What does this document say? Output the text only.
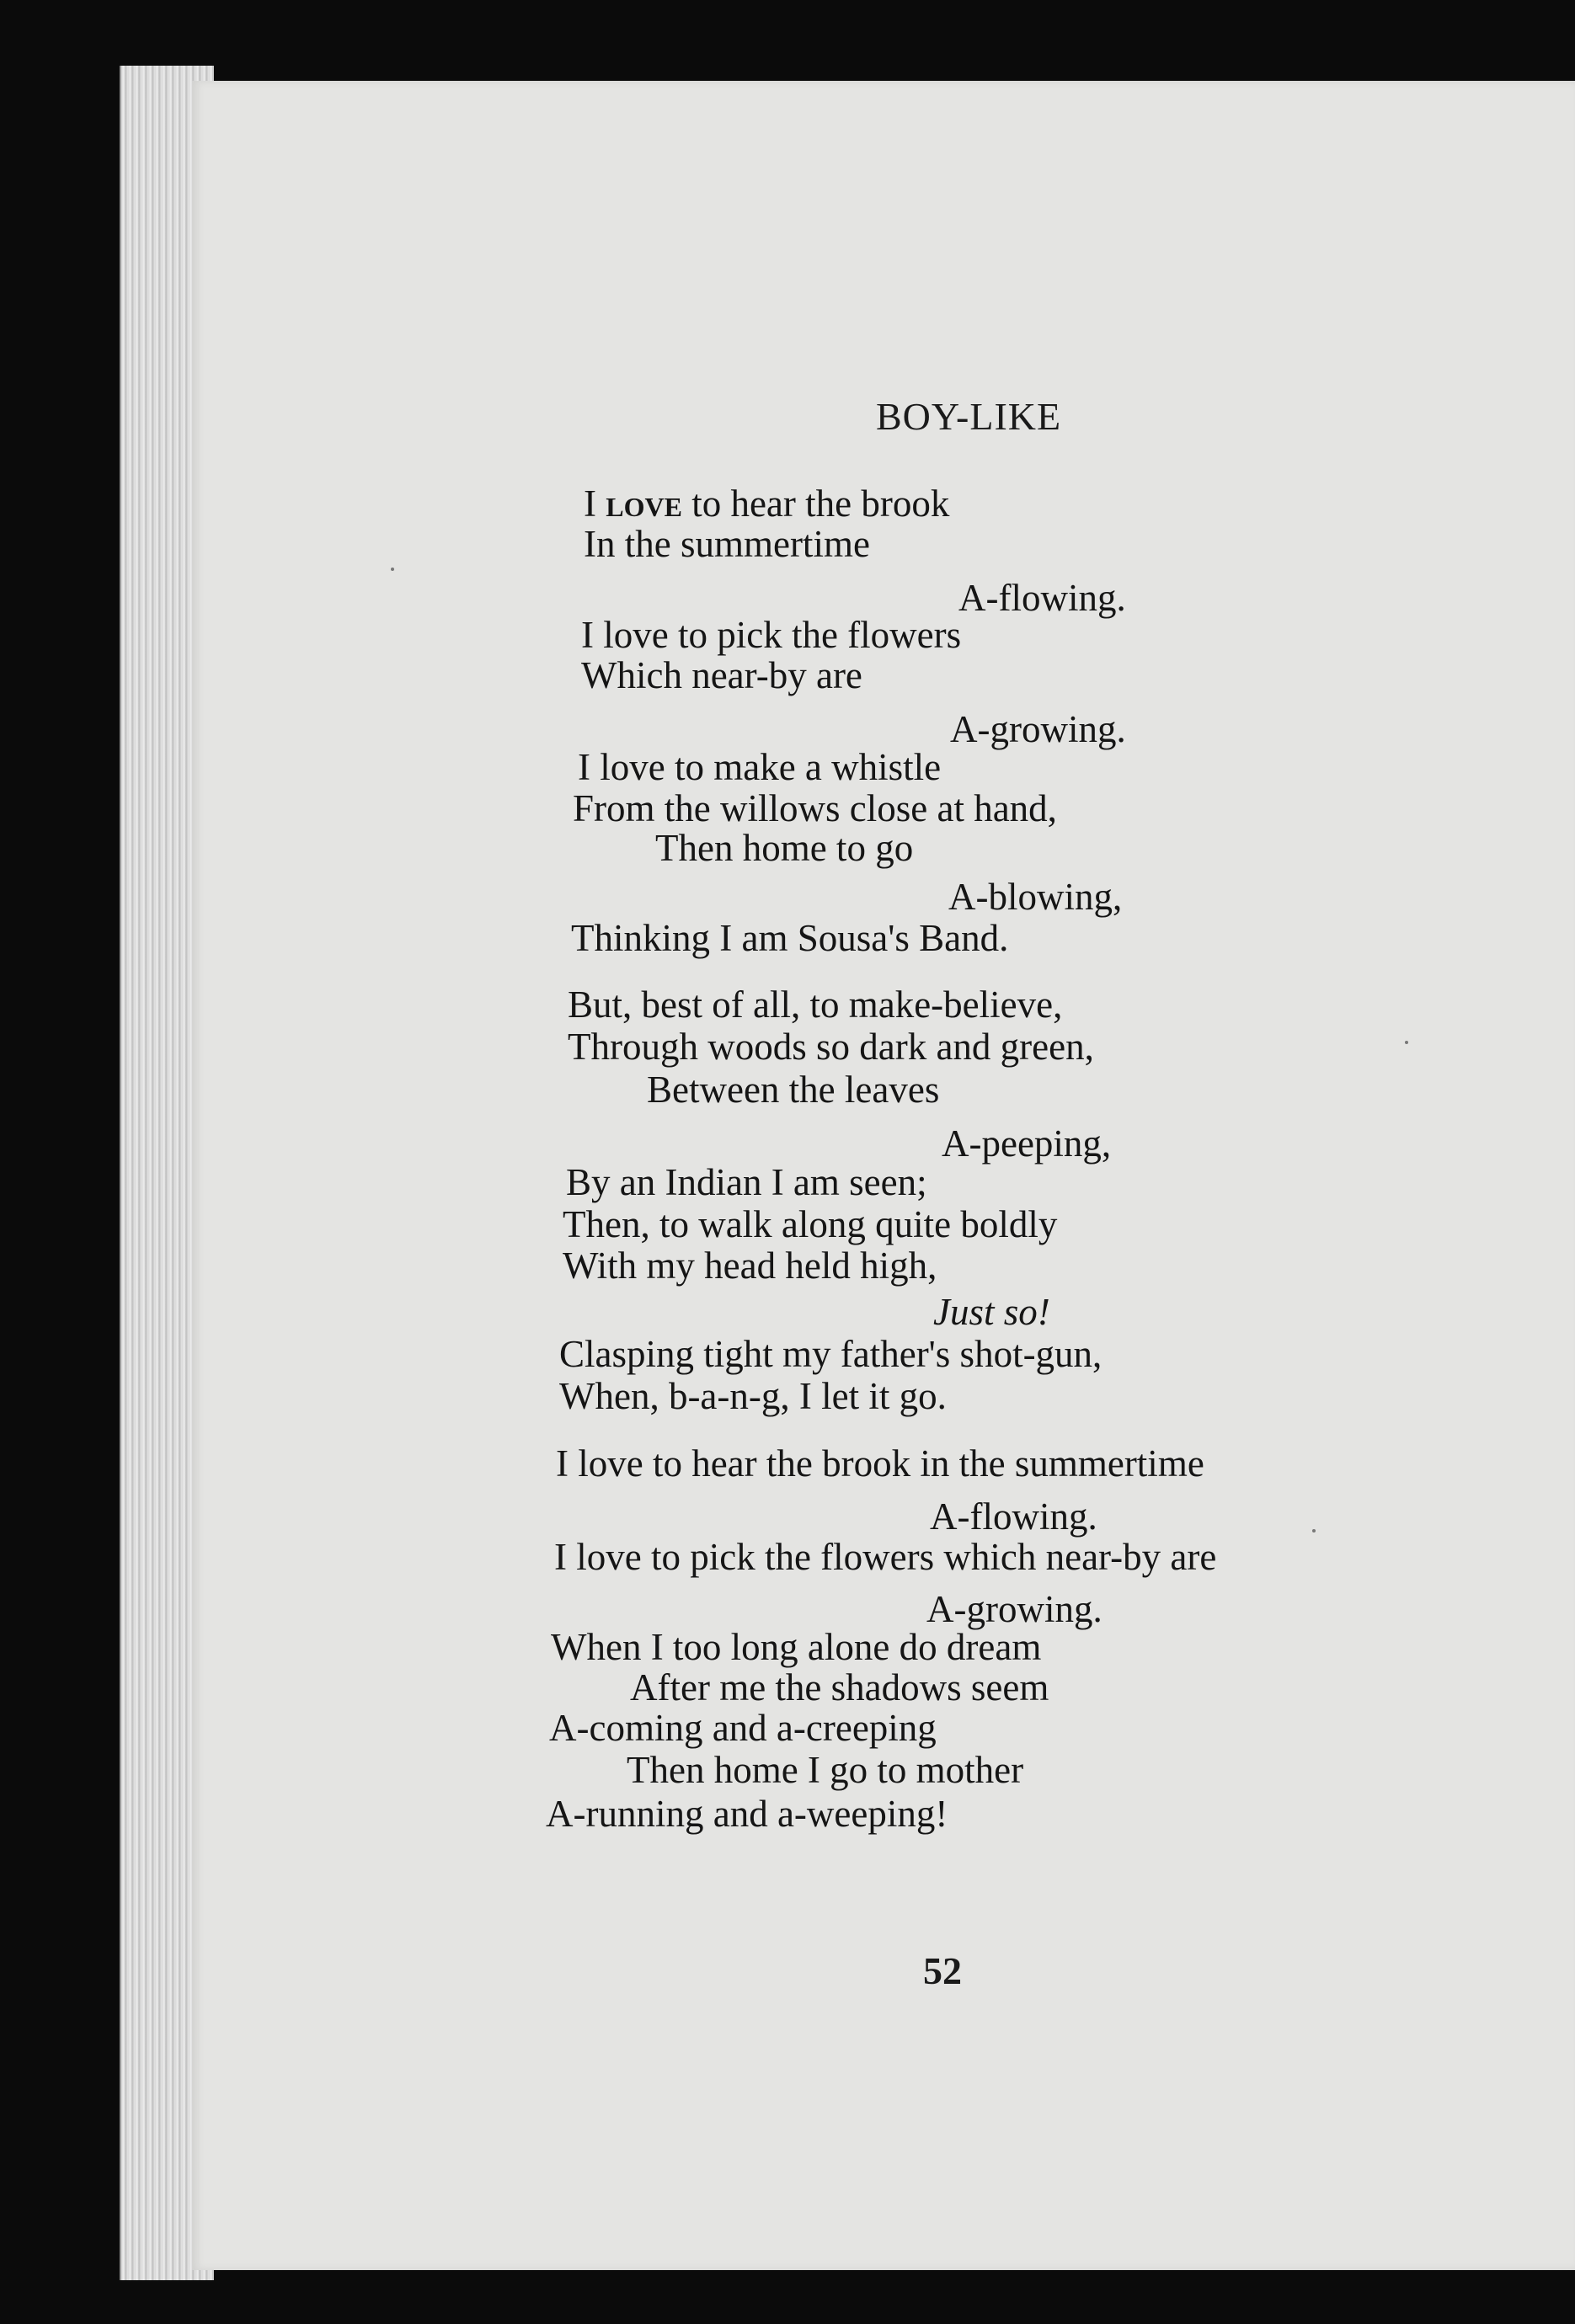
BOY-LIKE
I love to hear the brook
In the summertime
A-flowing.
I love to pick the flowers
Which near-by are
A-growing.
I love to make a whistle
From the willows close at hand,
Then home to go
A-blowing,
Thinking I am Sousa's Band.
But, best of all, to make-believe,
Through woods so dark and green,
Between the leaves
A-peeping,
By an Indian I am seen;
Then, to walk along quite boldly
With my head held high,
Just so!
Clasping tight my father's shot-gun,
When, b-a-n-g, I let it go.
I love to hear the brook in the summertime
A-flowing.
I love to pick the flowers which near-by are
A-growing.
When I too long alone do dream
After me the shadows seem
A-coming and a-creeping
Then home I go to mother
A-running and a-weeping!
52
